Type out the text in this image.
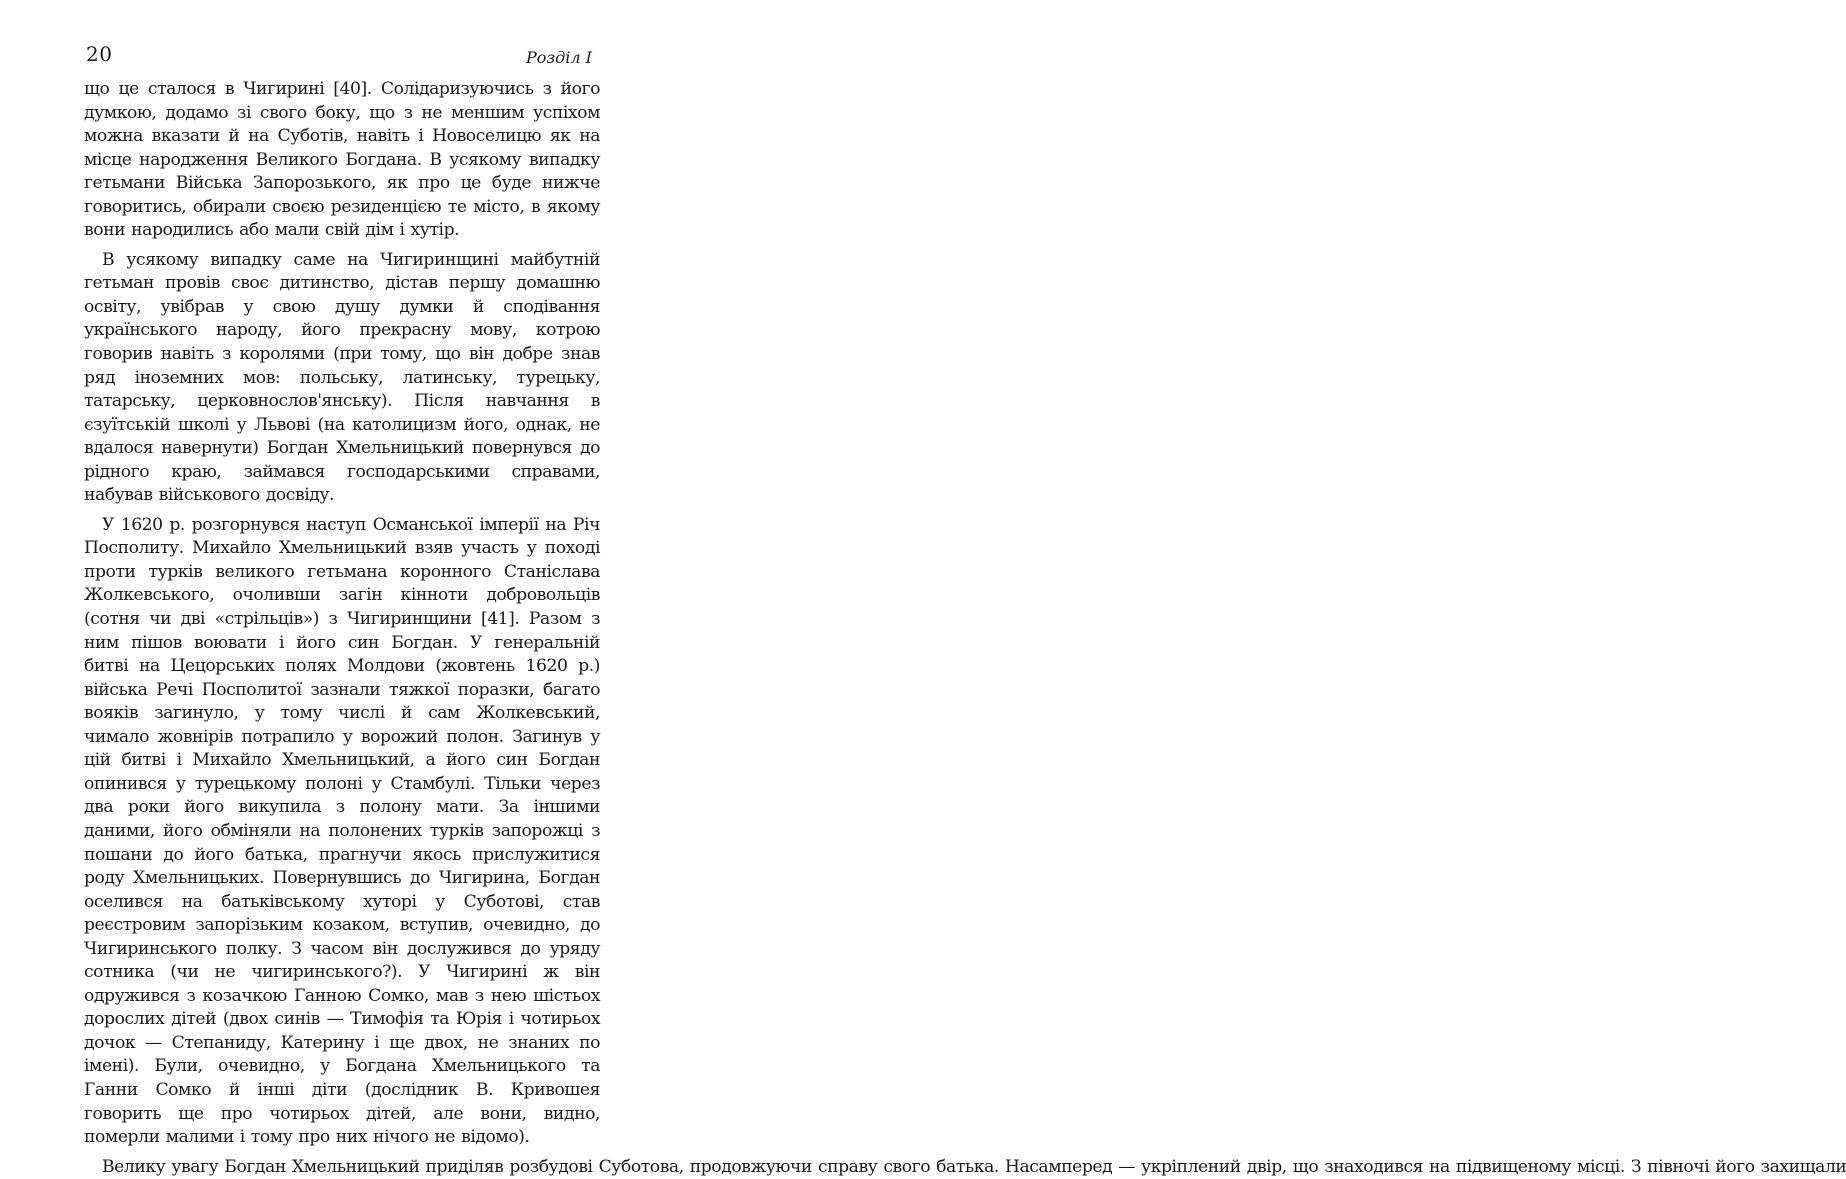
20	Розділ І

що це сталося в Чигирині [40]. Солідаризуючись з його думкою, додамо зі свого боку, що з не меншим успіхом можна вказати й на Суботів, навіть і Новоселицю як на місце народження Великого Богдана. В усякому випадку гетьмани Війська Запорозького, як про це буде нижче говоритись, обирали своєю резиденцією те місто, в якому вони народились або мали свій дім і хутір.

В усякому випадку саме на Чигиринщині майбутній гетьман провів своє дитинство, дістав першу домашню освіту, увібрав у свою душу думки й сподівання українського народу, його прекрасну мову, котрою говорив навіть з королями (при тому, що він добре знав ряд іноземних мов: польську, латинську, турецьку, татарську, церковнослов'янську). Після навчання в єзуїтській школі у Львові (на католицизм його, однак, не вдалося навернути) Богдан Хмельницький повернувся до рідного краю, займався господарськими справами, набував військового досвіду.

У 1620 р. розгорнувся наступ Османської імперії на Річ Посполиту. Михайло Хмельницький взяв участь у поході проти турків великого гетьмана коронного Станіслава Жолкевського, очоливши загін кінноти добровольців (сотня чи дві «стрільців») з Чигиринщини [41]. Разом з ним пішов воювати і його син Богдан. У генеральній битві на Цецорських полях Молдови (жовтень 1620 р.) війська Речі Посполитої зазнали тяжкої поразки, багато вояків загинуло, у тому числі й сам Жолкевський, чимало жовнірів потрапило у ворожий полон. Загинув у цій битві і Михайло Хмельницький, а його син Богдан опинився у турецькому полоні у Стамбулі. Тільки через два роки його викупила з полону мати. За іншими даними, його обміняли на полонених турків запорожці з пошани до його батька, прагнучи якось прислужитися роду Хмельницьких. Повернувшись до Чигирина, Богдан оселився на батьківському хуторі у Суботові, став реєстровим запорізьким козаком, вступив, очевидно, до Чигиринського полку. З часом він дослужився до уряду сотника (чи не чигиринського?). У Чигирині ж він одружився з козачкою Ганною Сомко, мав з нею шістьох дорослих дітей (двох синів — Тимофія та Юрія і чотирьох дочок — Степаниду, Катерину і ще двох, не знаних по імені). Були, очевидно, у Богдана Хмельницького та Ганни Сомко й інші діти (дослідник В. Кривошея говорить ще про чотирьох дітей, але вони, видно, померли малими і тому про них нічого не відомо).

Велику увагу Богдан Хмельницький приділяв розбудові Суботова, продовжуючи справу свого батька. Насамперед — укріплений двір, що знаходився на підвищеному місці. З півночі його захищали
